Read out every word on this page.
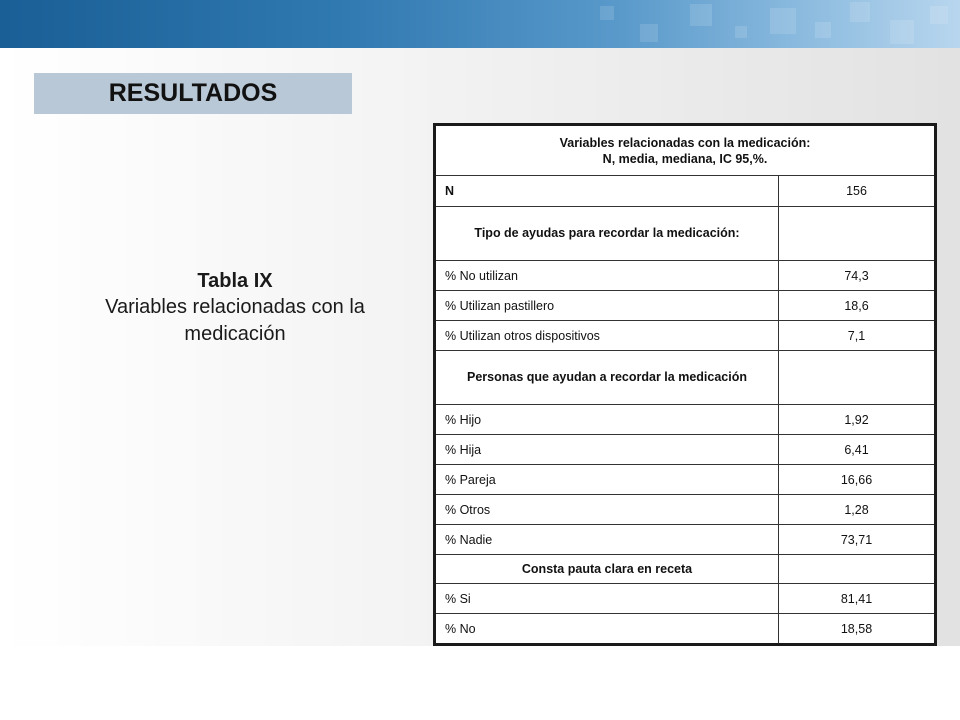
RESULTADOS
Tabla IX
Variables relacionadas con la medicación
Variables relacionadas con la medicación:
N, media, mediana, IC 95,%.	
N	156
Tipo de ayudas para recordar la medicación:	
% No utilizan	74,3
% Utilizan pastillero	18,6
% Utilizan otros dispositivos	7,1
Personas que ayudan a recordar la medicación	
% Hijo	1,92
% Hija	6,41
% Pareja	16,66
% Otros	1,28
% Nadie	73,71
Consta pauta clara en receta	
% Si	81,41
% No	18,58
